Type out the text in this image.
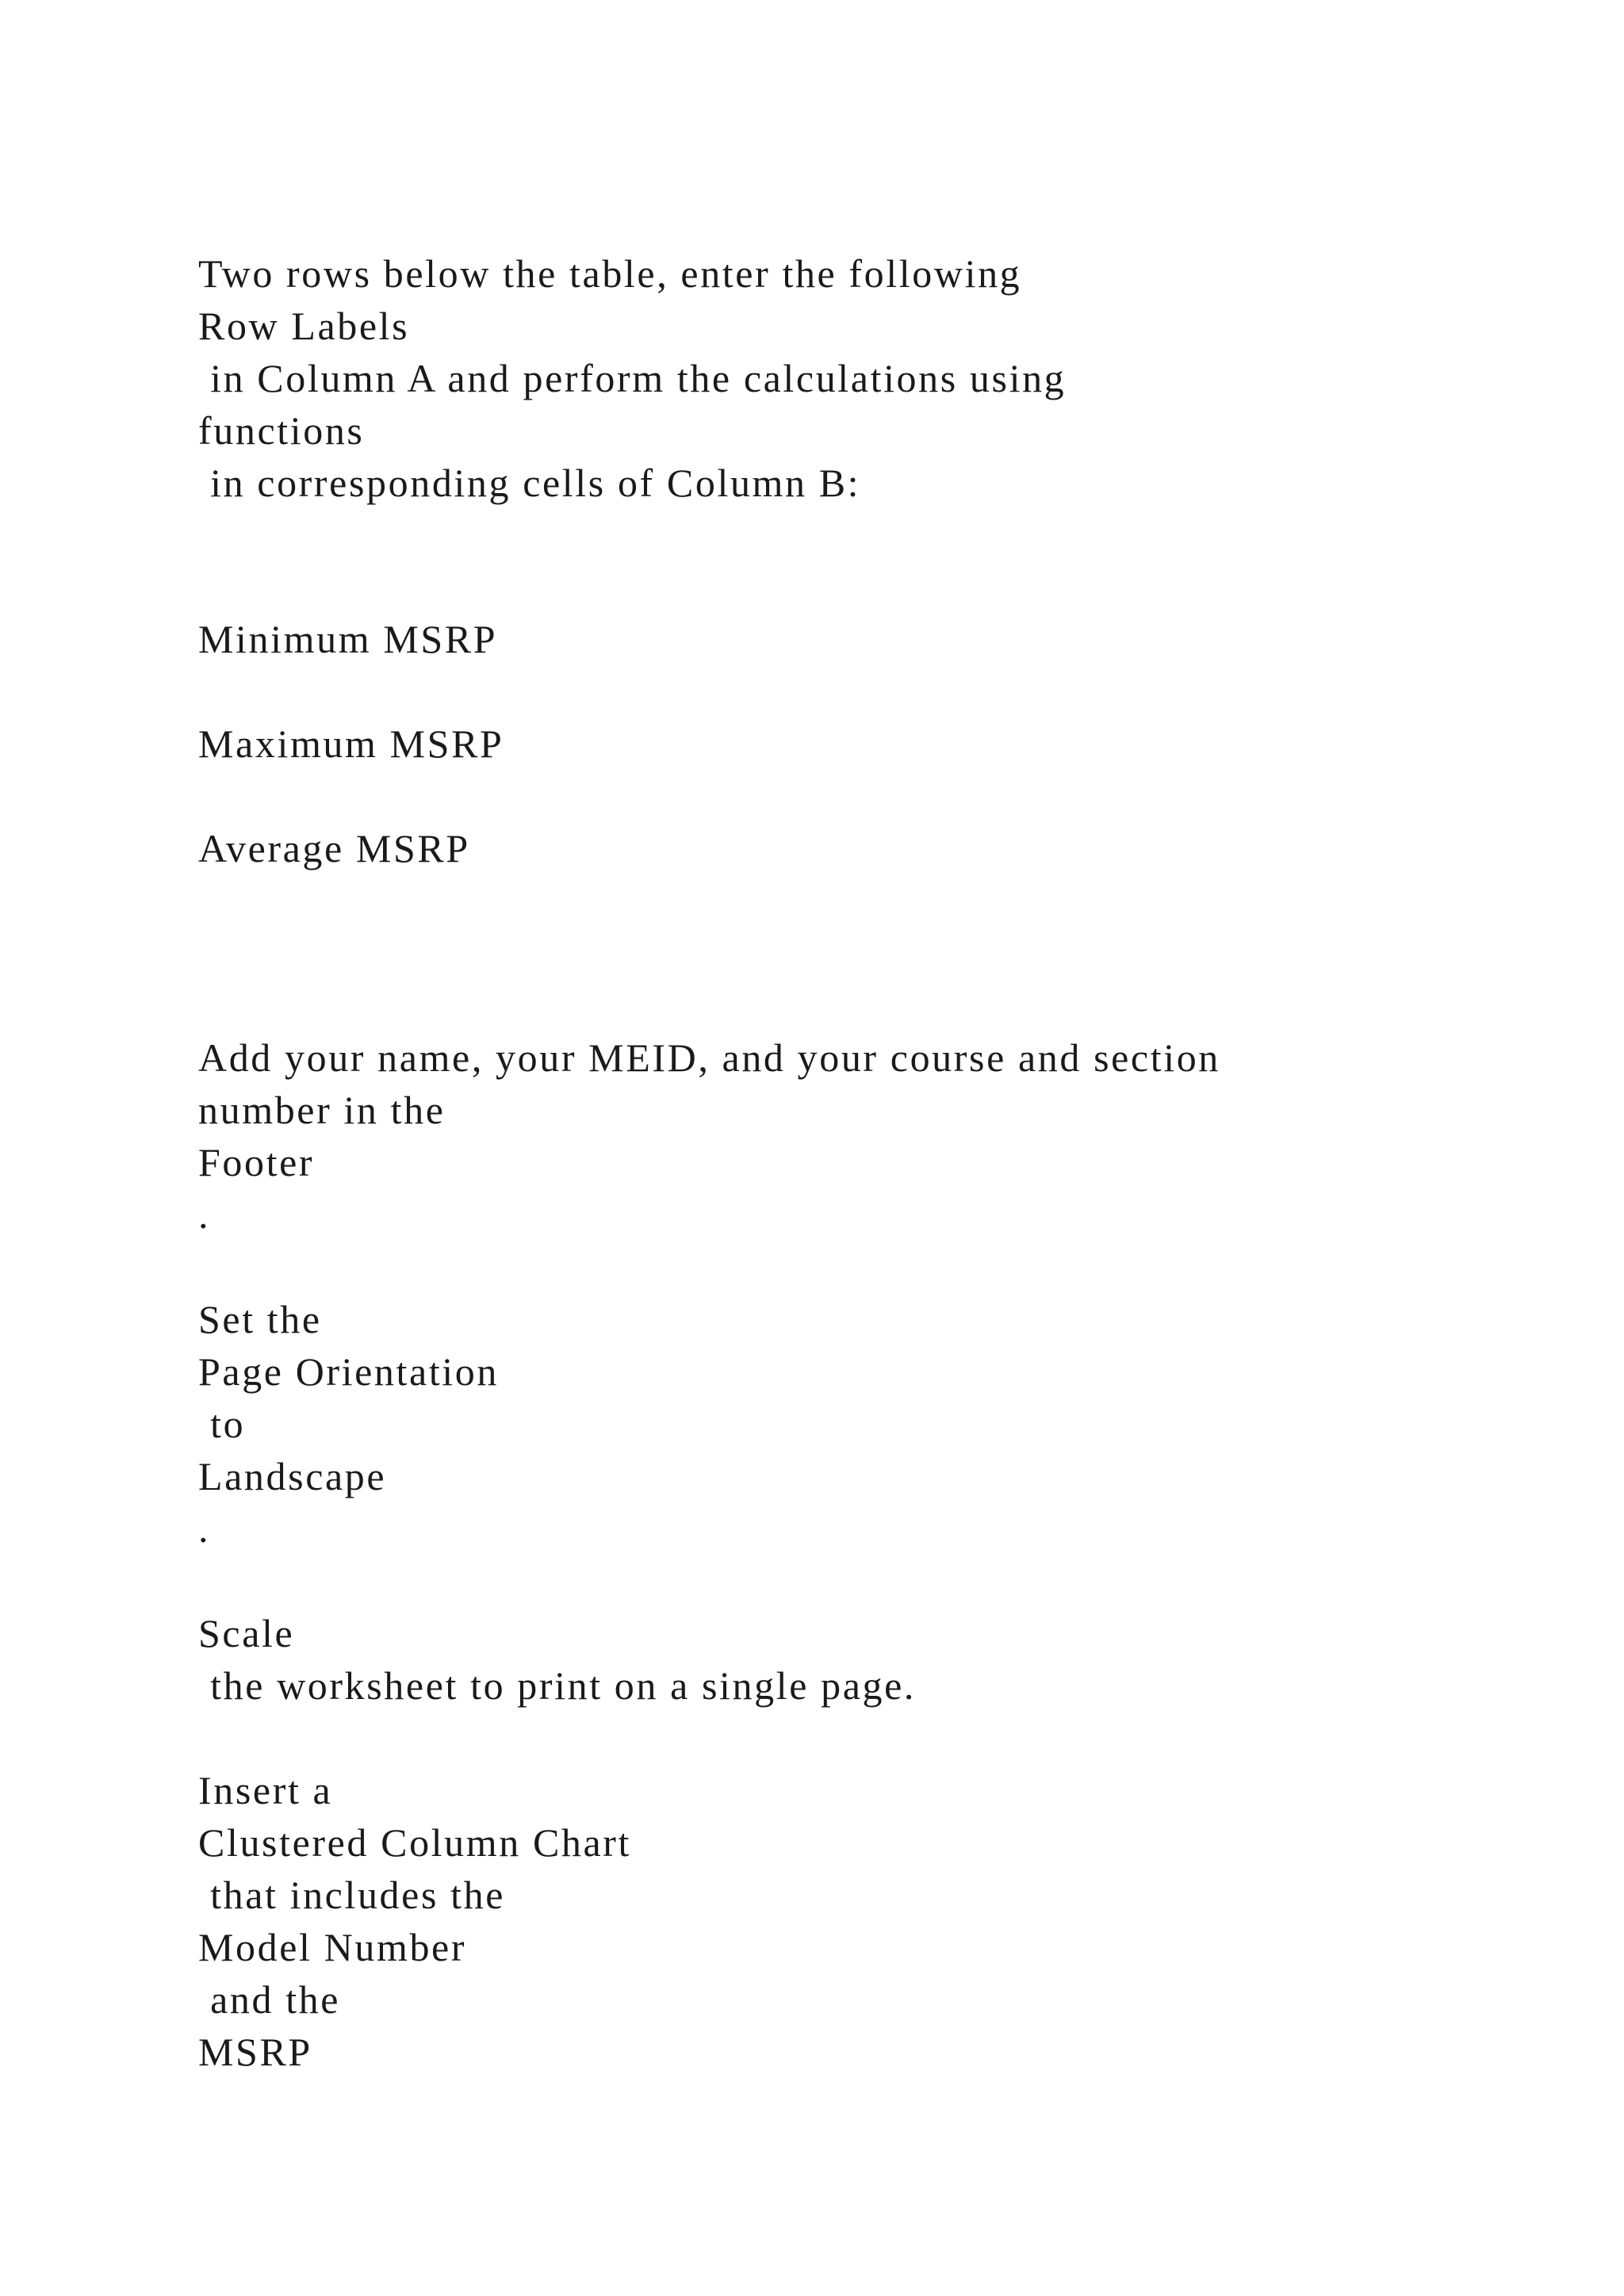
Two rows below the table, enter the following

Row Labels

in Column A and perform the calculations using

functions

in corresponding cells of Column B:

Minimum MSRP

Maximum MSRP

Average MSRP

Add your name, your MEID, and your course and section

number in the

Footer

.

Set the

Page Orientation

to

Landscape

.

Scale

the worksheet to print on a single page.

Insert a

Clustered Column Chart

that includes the

Model Number

and the

MSRP
